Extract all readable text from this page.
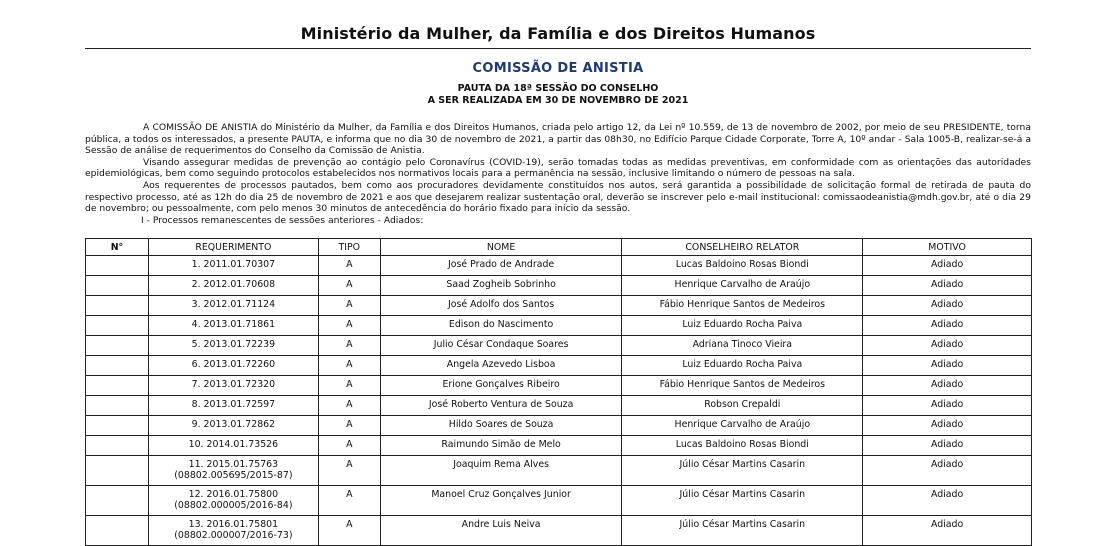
Ministério da Mulher, da Família e dos Direitos Humanos
COMISSÃO DE ANISTIA
PAUTA DA 18ª SESSÃO DO CONSELHO
A SER REALIZADA EM 30 DE NOVEMBRO DE 2021

A COMISSÃO DE ANISTIA do Ministério da Mulher, da Família e dos Direitos Humanos, criada pelo artigo 12, da Lei nº 10.559, de 13 de novembro de 2002, por meio de seu PRESIDENTE, torna pública, a todos os interessados, a presente PAUTA, e informa que no dia 30 de novembro de 2021, a partir das 08h30, no Edifício Parque Cidade Corporate, Torre A, 10º andar - Sala 1005-B, realizar-se-á a Sessão de análise de requerimentos do Conselho da Comissão de Anistia.

Visando assegurar medidas de prevenção ao contágio pelo Coronavírus (COVID-19), serão tomadas todas as medidas preventivas, em conformidade com as orientações das autoridades epidemiológicas, bem como seguindo protocolos estabelecidos nos normativos locais para a permanência na sessão, inclusive limitando o número de pessoas na sala.

Aos requerentes de processos pautados, bem como aos procuradores devidamente constituídos nos autos, será garantida a possibilidade de solicitação formal de retirada de pauta do respectivo processo, até as 12h do dia 25 de novembro de 2021 e aos que desejarem realizar sustentação oral, deverão se inscrever pelo e-mail institucional: comissaodeanistia@mdh.gov.br, até o dia 29 de novembro; ou pessoalmente, com pelo menos 30 minutos de antecedência do horário fixado para início da sessão.

I - Processos remanescentes de sessões anteriores - Adiados:

N°	REQUERIMENTO	TIPO	NOME	CONSELHEIRO RELATOR	MOTIVO

	1. 2011.01.70307	A	José Prado de Andrade	Lucas Baldoino Rosas Biondi	Adiado

	2. 2012.01.70608	A	Saad Zogheib Sobrinho	Henrique Carvalho de Araújo	Adiado

	3. 2012.01.71124	A	José Adolfo dos Santos	Fábio Henrique Santos de Medeiros	Adiado

	4. 2013.01.71861	A	Edison do Nascimento	Luiz Eduardo Rocha Paiva	Adiado

	5. 2013.01.72239	A	Julio César Condaque Soares	Adriana Tinoco Vieira	Adiado

	6. 2013.01.72260	A	Angela Azevedo Lisboa	Luiz Eduardo Rocha Paiva	Adiado

	7. 2013.01.72320	A	Erione Gonçalves Ribeiro	Fábio Henrique Santos de Medeiros	Adiado

	8. 2013.01.72597	A	José Roberto Ventura de Souza	Robson Crepaldi	Adiado

	9. 2013.01.72862	A	Hildo Soares de Souza	Henrique Carvalho de Araújo	Adiado

	10. 2014.01.73526	A	Raimundo Simão de Melo	Lucas Baldoino Rosas Biondi	Adiado

	11. 2015.01.75763
(08802.005695/2015-87)	A	Joaquim Rema Alves	Júlio César Martins Casarin	Adiado

	12. 2016.01.75800
(08802.000005/2016-84)	A	Manoel Cruz Gonçalves Junior	Júlio César Martins Casarin	Adiado

	13. 2016.01.75801
(08802.000007/2016-73)	A	Andre Luis Neiva	Júlio César Martins Casarin	Adiado
